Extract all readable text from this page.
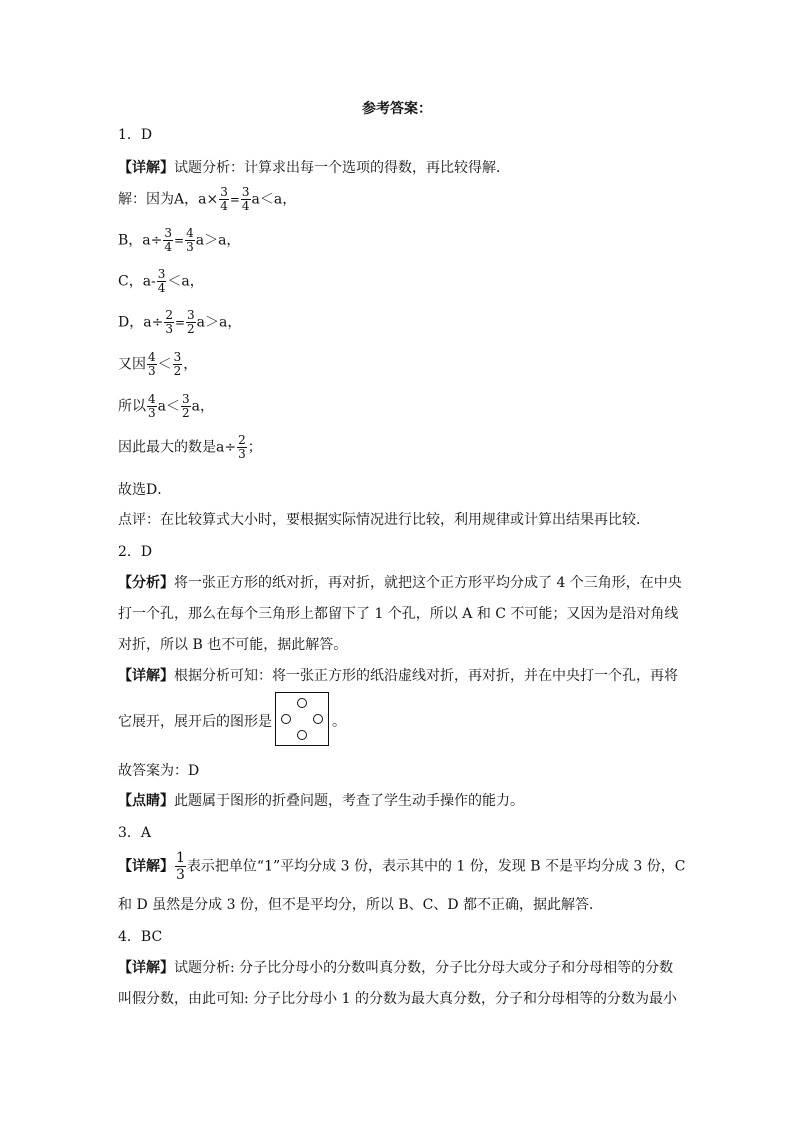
参考答案：
1．D
【详解】试题分析：计算求出每一个选项的得数，再比较得解．
解：因为A，$a\times \frac{3}{4} = \frac{3}{4} a<a$，
B，$a\div \frac{3}{4} = \frac{4}{3} a>a$，
C，$a- \frac{3}{4} <a$，
D，$a\div \frac{2}{3} = \frac{3}{2} a>a$，
又因 $\frac{4}{3} < \frac{3}{2}$ ，
所以 $\frac{4}{3} a< \frac{3}{2}$ a，
因此最大的数是$a\div \frac{2}{3}$ ；
故选D．
点评：在比较算式大小时，要根据实际情况进行比较，利用规律或计算出结果再比较．
2．D
【分析】将一张正方形的纸对折，再对折，就把这个正方形平均分成了 4 个三角形，在中央
打一个孔，那么在每个三角形上都留下了 1 个孔，所以 A 和 C 不可能；又因为是沿对角线
对折，所以 B 也不可能，据此解答。
【详解】根据分析可知：将一张正方形的纸沿虚线对折，再对折，并在中央打一个孔，再将
它展开，展开后的图形是	。
故答案为：D
【点睛】此题属于图形的折叠问题，考查了学生动手操作的能力。
3．A
【详解】 $\frac{1}{3}$ 表示把单位“1”平均分成 3 份，表示其中的 1 份，发现 B 不是平均分成 3 份，C
和 D 虽然是分成 3 份，但不是平均分，所以 B、C、D 都不正确，据此解答．
4．BC
【详解】试题分析: 分子比分母小的分数叫真分数，分子比分母大或分子和分母相等的分数
叫假分数，由此可知: 分子比分母小 1 的分数为最大真分数，分子和分母相等的分数为最小
